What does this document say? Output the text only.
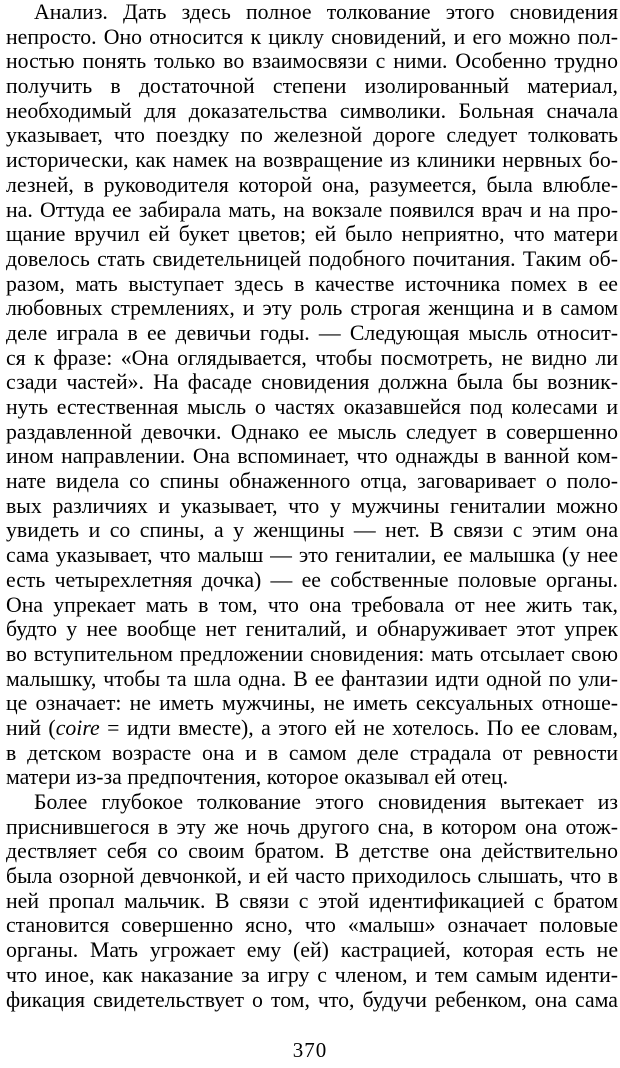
Анализ. Дать здесь полное толкование этого сновидения
непросто. Оно относится к циклу сновидений, и его можно пол-
ностью понять только во взаимосвязи с ними. Особенно трудно
получить в достаточной степени изолированный материал,
необходимый для доказательства символики. Больная сначала
указывает, что поездку по железной дороге следует толковать
исторически, как намек на возвращение из клиники нервных бо-
лезней, в руководителя которой она, разумеется, была влюбле-
на. Оттуда ее забирала мать, на вокзале появился врач и на про-
щание вручил ей букет цветов; ей было неприятно, что матери
довелось стать свидетельницей подобного почитания. Таким об-
разом, мать выступает здесь в качестве источника помех в ее
любовных стремлениях, и эту роль строгая женщина и в самом
деле играла в ее девичьи годы. — Следующая мысль относит-
ся к фразе: «Она оглядывается, чтобы посмотреть, не видно ли
сзади частей». На фасаде сновидения должна была бы возник-
нуть естественная мысль о частях оказавшейся под колесами и
раздавленной девочки. Однако ее мысль следует в совершенно
ином направлении. Она вспоминает, что однажды в ванной ком-
нате видела со спины обнаженного отца, заговаривает о поло-
вых различиях и указывает, что у мужчины гениталии можно
увидеть и со спины, а у женщины — нет. В связи с этим она
сама указывает, что малыш — это гениталии, ее малышка (у нее
есть четырехлетняя дочка) — ее собственные половые органы.
Она упрекает мать в том, что она требовала от нее жить так,
будто у нее вообще нет гениталий, и обнаруживает этот упрек
во вступительном предложении сновидения: мать отсылает свою
малышку, чтобы та шла одна. В ее фантазии идти одной по ули-
це означает: не иметь мужчины, не иметь сексуальных отноше-
ний (coire = идти вместе), а этого ей не хотелось. По ее словам,
в детском возрасте она и в самом деле страдала от ревности
матери из-за предпочтения, которое оказывал ей отец.
Более глубокое толкование этого сновидения вытекает из
приснившегося в эту же ночь другого сна, в котором она отож-
дествляет себя со своим братом. В детстве она действительно
была озорной девчонкой, и ей часто приходилось слышать, что в
ней пропал мальчик. В связи с этой идентификацией с братом
становится совершенно ясно, что «малыш» означает половые
органы. Мать угрожает ему (ей) кастрацией, которая есть не
что иное, как наказание за игру с членом, и тем самым иденти-
фикация свидетельствует о том, что, будучи ребенком, она сама
370
